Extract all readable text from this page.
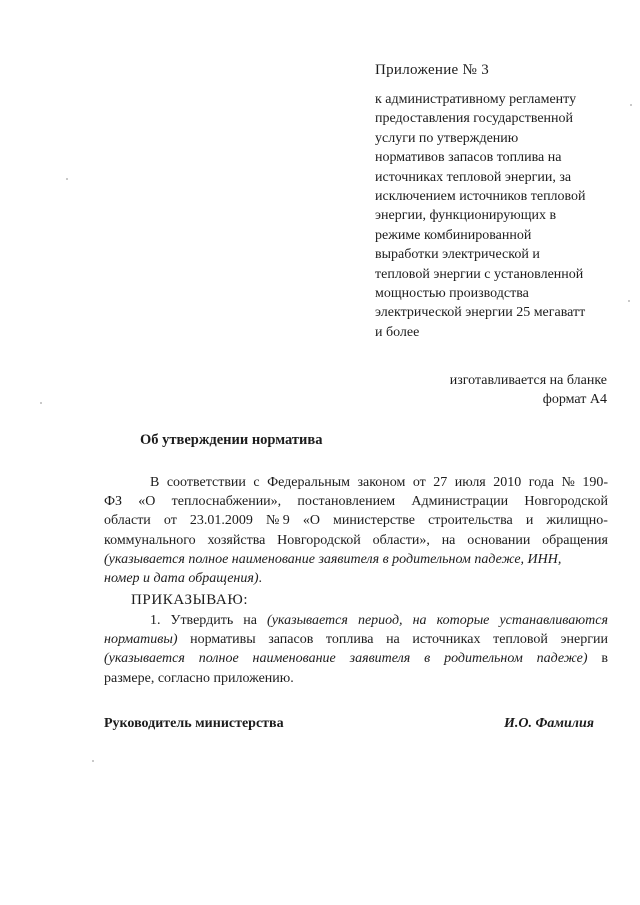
Приложение № 3
к административному регламенту
предоставления государственной
услуги по утверждению
нормативов запасов топлива на
источниках тепловой энергии, за
исключением источников тепловой
энергии, функционирующих в
режиме комбинированной
выработки электрической и
тепловой энергии с установленной
мощностью производства
электрической энергии 25 мегаватт
и более
изготавливается на бланке
формат А4
Об утверждении норматива
В соответствии с Федеральным законом от 27 июля 2010 года № 190-
ФЗ «О теплоснабжении», постановлением Администрации Новгородской
области от 23.01.2009 № 9 «О министерстве строительства и жилищно-
коммунального хозяйства Новгородской области», на основании обращения
(указывается полное наименование заявителя в родительном падеже, ИНН,
номер и дата обращения) .
ПРИКАЗЫВАЮ:
1. Утвердить на (указывается период, на которые устанавливаются
нормативы) нормативы запасов топлива на источниках тепловой энергии
(указывается полное наименование заявителя в родительном падеже) в
размере, согласно приложению.
Руководитель министерства	И.О. Фамилия
